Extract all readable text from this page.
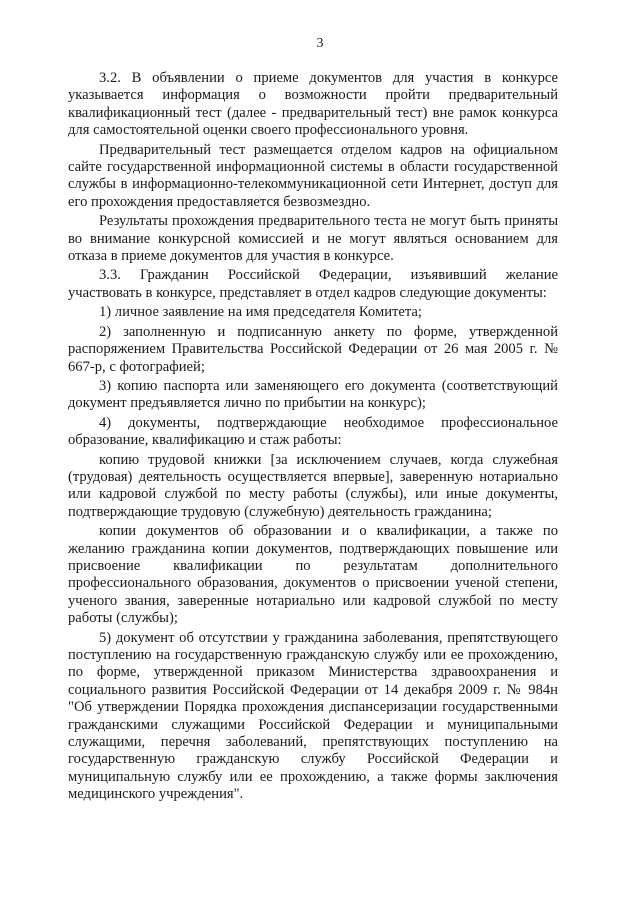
3

3.2. В объявлении о приеме документов для участия в конкурсе указывается информация о возможности пройти предварительный квалификационный тест (далее - предварительный тест) вне рамок конкурса для самостоятельной оценки своего профессионального уровня.

Предварительный тест размещается отделом кадров на официальном сайте государственной информационной системы в области государственной службы в информационно-телекоммуникационной сети Интернет, доступ для его прохождения предоставляется безвозмездно.

Результаты прохождения предварительного теста не могут быть приняты во внимание конкурсной комиссией и не могут являться основанием для отказа в приеме документов для участия в конкурсе.

3.3. Гражданин Российской Федерации, изъявивший желание участвовать в конкурсе, представляет в отдел кадров следующие документы:

1) личное заявление на имя председателя Комитета;

2) заполненную и подписанную анкету по форме, утвержденной распоряжением Правительства Российской Федерации от 26 мая 2005 г. № 667-р, с фотографией;

3) копию паспорта или заменяющего его документа (соответствующий документ предъявляется лично по прибытии на конкурс);

4) документы, подтверждающие необходимое профессиональное образование, квалификацию и стаж работы:

копию трудовой книжки [за исключением случаев, когда служебная (трудовая) деятельность осуществляется впервые], заверенную нотариально или кадровой службой по месту работы (службы), или иные документы, подтверждающие трудовую (служебную) деятельность гражданина;

копии документов об образовании и о квалификации, а также по желанию гражданина копии документов, подтверждающих повышение или присвоение квалификации по результатам дополнительного профессионального образования, документов о присвоении ученой степени, ученого звания, заверенные нотариально или кадровой службой по месту работы (службы);

5) документ об отсутствии у гражданина заболевания, препятствующего поступлению на государственную гражданскую службу или ее прохождению, по форме, утвержденной приказом Министерства здравоохранения и социального развития Российской Федерации от 14 декабря 2009 г. № 984н "Об утверждении Порядка прохождения диспансеризации государственными гражданскими служащими Российской Федерации и муниципальными служащими, перечня заболеваний, препятствующих поступлению на государственную гражданскую службу Российской Федерации и муниципальную службу или ее прохождению, а также формы заключения медицинского учреждения".
